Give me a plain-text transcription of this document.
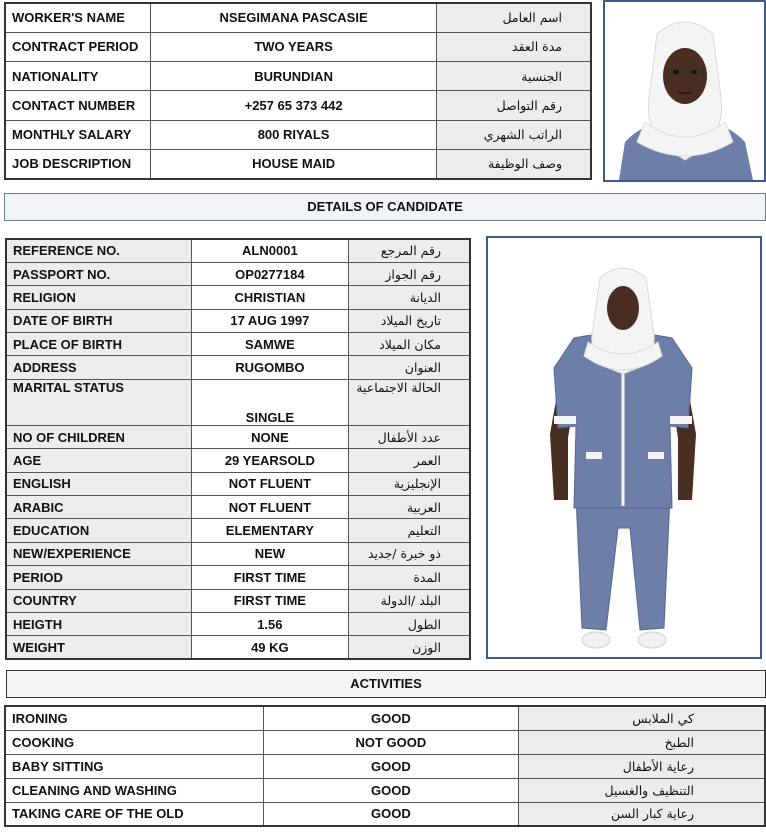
WORKER'S NAME	NSEGIMANA PASCASIE	اسم العامل
CONTRACT PERIOD	TWO YEARS	مدة العقد
NATIONALITY	BURUNDIAN	الجنسية
CONTACT NUMBER	+257 65 373 442	رقم التواصل
MONTHLY SALARY	800 RIYALS	الراتب الشهري
JOB DESCRIPTION	HOUSE MAID	وصف الوظيفة
DETAILS OF CANDIDATE
REFERENCE NO.	ALN0001	رقم المرجع
PASSPORT NO.	OP0277184	رقم الجواز
RELIGION	CHRISTIAN	الديانة
DATE OF BIRTH	17 AUG 1997	تاريخ الميلاد
PLACE OF BIRTH	SAMWE	مكان الميلاد
ADDRESS	RUGOMBO	العنوان
MARITAL STATUS	SINGLE	الحالة الاجتماعية
NO OF CHILDREN	NONE	عدد الأطفال
AGE	29 YEARSOLD	العمر
ENGLISH	NOT FLUENT	الإنجليزية
ARABIC	NOT FLUENT	العربية
EDUCATION	ELEMENTARY	التعليم
NEW/EXPERIENCE	NEW	ذو خبرة /جديد
PERIOD	FIRST TIME	المدة
COUNTRY	FIRST TIME	البلد /الدولة
HEIGTH	1.56	الطول
WEIGHT	49 KG	الوزن
ACTIVITIES
IRONING	GOOD	كي الملابس
COOKING	NOT GOOD	الطبخ
BABY SITTING	GOOD	رعاية الأطفال
CLEANING AND WASHING	GOOD	التنظيف والغسيل
TAKING CARE OF THE OLD	GOOD	رعاية كبار السن
